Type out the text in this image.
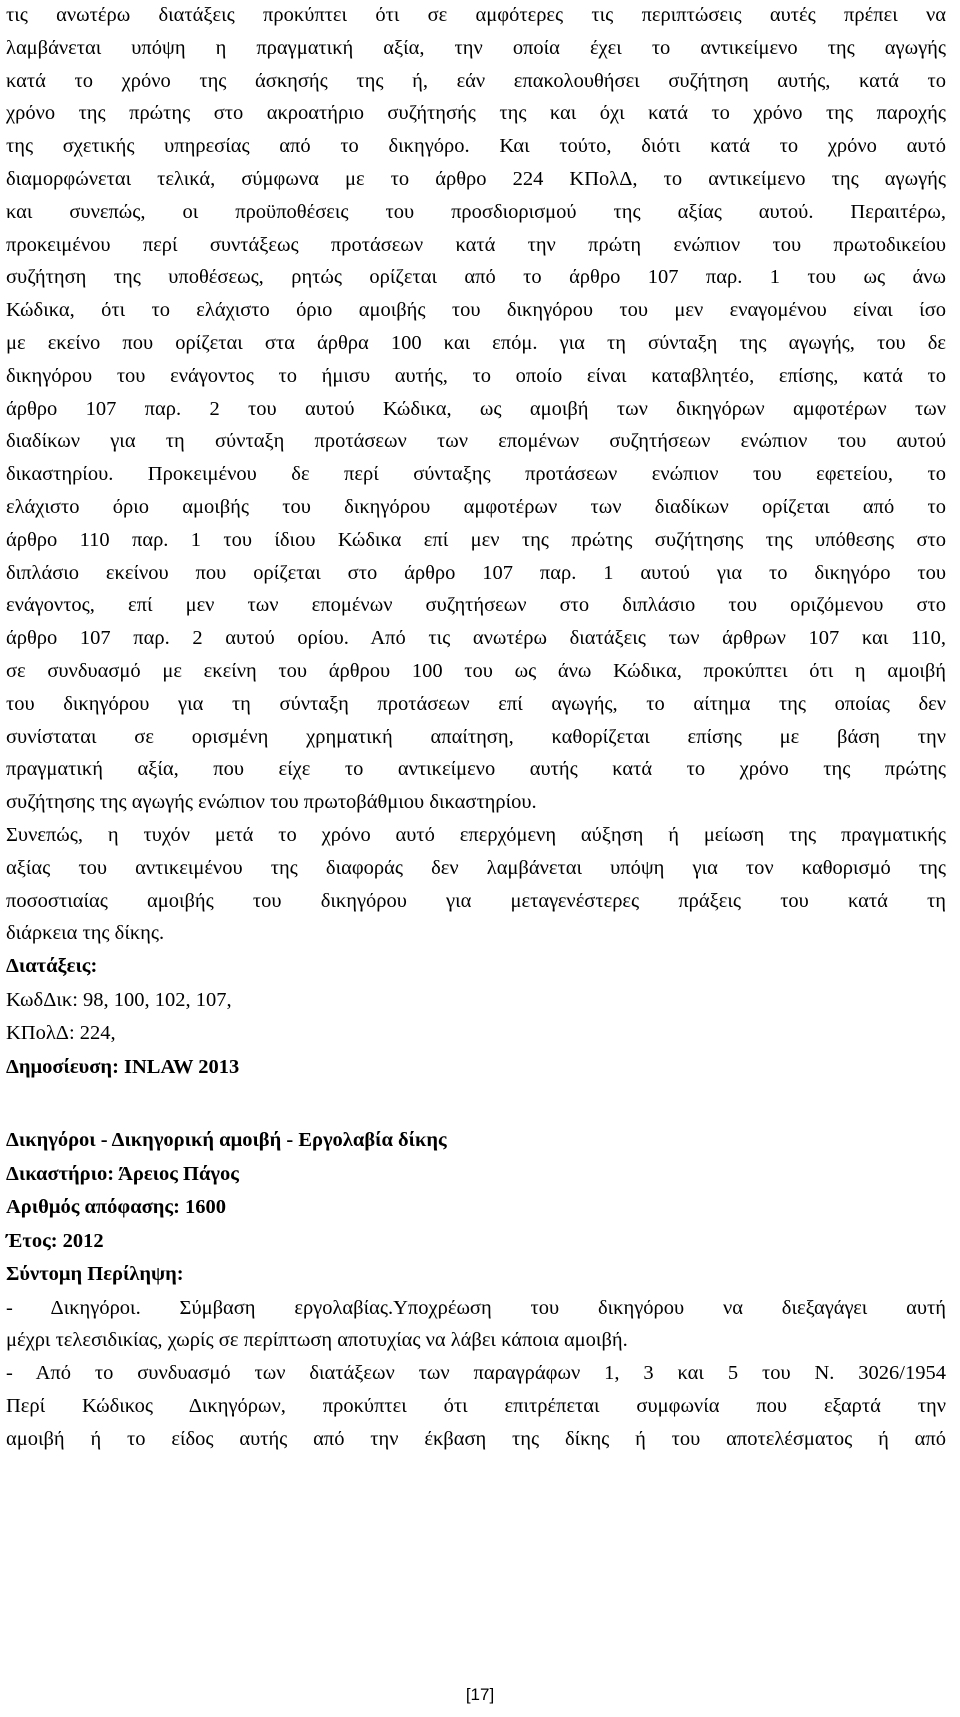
τις ανωτέρω διατάξεις προκύπτει ότι σε αμφότερες τις περιπτώσεις αυτές πρέπει να
λαμβάνεται υπόψη η πραγματική αξία, την οποία έχει το αντικείμενο της αγωγής
κατά το χρόνο της άσκησής της ή, εάν επακολουθήσει συζήτηση αυτής, κατά το
χρόνο της πρώτης στο ακροατήριο συζήτησής της και όχι κατά το χρόνο της παροχής
της σχετικής υπηρεσίας από το δικηγόρο. Και τούτο, διότι κατά το χρόνο αυτό
διαμορφώνεται τελικά, σύμφωνα με το άρθρο 224 ΚΠολΔ, το αντικείμενο της αγωγής
και συνεπώς, οι προϋποθέσεις του προσδιορισμού της αξίας αυτού. Περαιτέρω,
προκειμένου περί συντάξεως προτάσεων κατά την πρώτη ενώπιον του πρωτοδικείου
συζήτηση της υποθέσεως, ρητώς ορίζεται από το άρθρο 107 παρ. 1 του ως άνω
Κώδικα, ότι το ελάχιστο όριο αμοιβής του δικηγόρου του μεν εναγομένου είναι ίσο
με εκείνο που ορίζεται στα άρθρα 100 και επόμ. για τη σύνταξη της αγωγής, του δε
δικηγόρου του ενάγοντος το ήμισυ αυτής, το οποίο είναι καταβλητέο, επίσης, κατά το
άρθρο 107 παρ. 2 του αυτού Κώδικα, ως αμοιβή των δικηγόρων αμφοτέρων των
διαδίκων για τη σύνταξη προτάσεων των επομένων συζητήσεων ενώπιον του αυτού
δικαστηρίου. Προκειμένου δε περί σύνταξης προτάσεων ενώπιον του εφετείου, το
ελάχιστο όριο αμοιβής του δικηγόρου αμφοτέρων των διαδίκων ορίζεται από το
άρθρο 110 παρ. 1 του ίδιου Κώδικα επί μεν της πρώτης συζήτησης της υπόθεσης στο
διπλάσιο εκείνου που ορίζεται στο άρθρο 107 παρ. 1 αυτού για το δικηγόρο του
ενάγοντος, επί μεν των επομένων συζητήσεων στο διπλάσιο του οριζόμενου στο
άρθρο 107 παρ. 2 αυτού ορίου. Από τις ανωτέρω διατάξεις των άρθρων 107 και 110,
σε συνδυασμό με εκείνη του άρθρου 100 του ως άνω Κώδικα, προκύπτει ότι η αμοιβή
του δικηγόρου για τη σύνταξη προτάσεων επί αγωγής, το αίτημα της οποίας δεν
συνίσταται σε ορισμένη χρηματική απαίτηση, καθορίζεται επίσης με βάση την
πραγματική αξία, που είχε το αντικείμενο αυτής κατά το χρόνο της πρώτης
συζήτησης της αγωγής ενώπιον του πρωτοβάθμιου δικαστηρίου.

Συνεπώς, η τυχόν μετά το χρόνο αυτό επερχόμενη αύξηση ή μείωση της πραγματικής
αξίας του αντικειμένου της διαφοράς δεν λαμβάνεται υπόψη για τον καθορισμό της
ποσοστιαίας αμοιβής του δικηγόρου για μεταγενέστερες πράξεις του κατά τη
διάρκεια της δίκης.

Διατάξεις:

ΚωδΔικ: 98, 100, 102, 107,

ΚΠολΔ: 224,

Δημοσίευση: INLAW 2013

Δικηγόροι - Δικηγορική αμοιβή - Εργολαβία δίκης

Δικαστήριο: Άρειος Πάγος

Αριθμός απόφασης: 1600

Έτος: 2012

Σύντομη Περίληψη:

- Δικηγόροι. Σύμβαση εργολαβίας.Υποχρέωση του δικηγόρου να διεξαγάγει αυτή
μέχρι τελεσιδικίας, χωρίς σε περίπτωση αποτυχίας να λάβει κάποια αμοιβή.
- Από το συνδυασμό των διατάξεων των παραγράφων 1, 3 και 5 του Ν. 3026/1954
Περί Κώδικος Δικηγόρων, προκύπτει ότι επιτρέπεται συμφωνία που εξαρτά την
αμοιβή ή το είδος αυτής από την έκβαση της δίκης ή του αποτελέσματος ή από

[17]
